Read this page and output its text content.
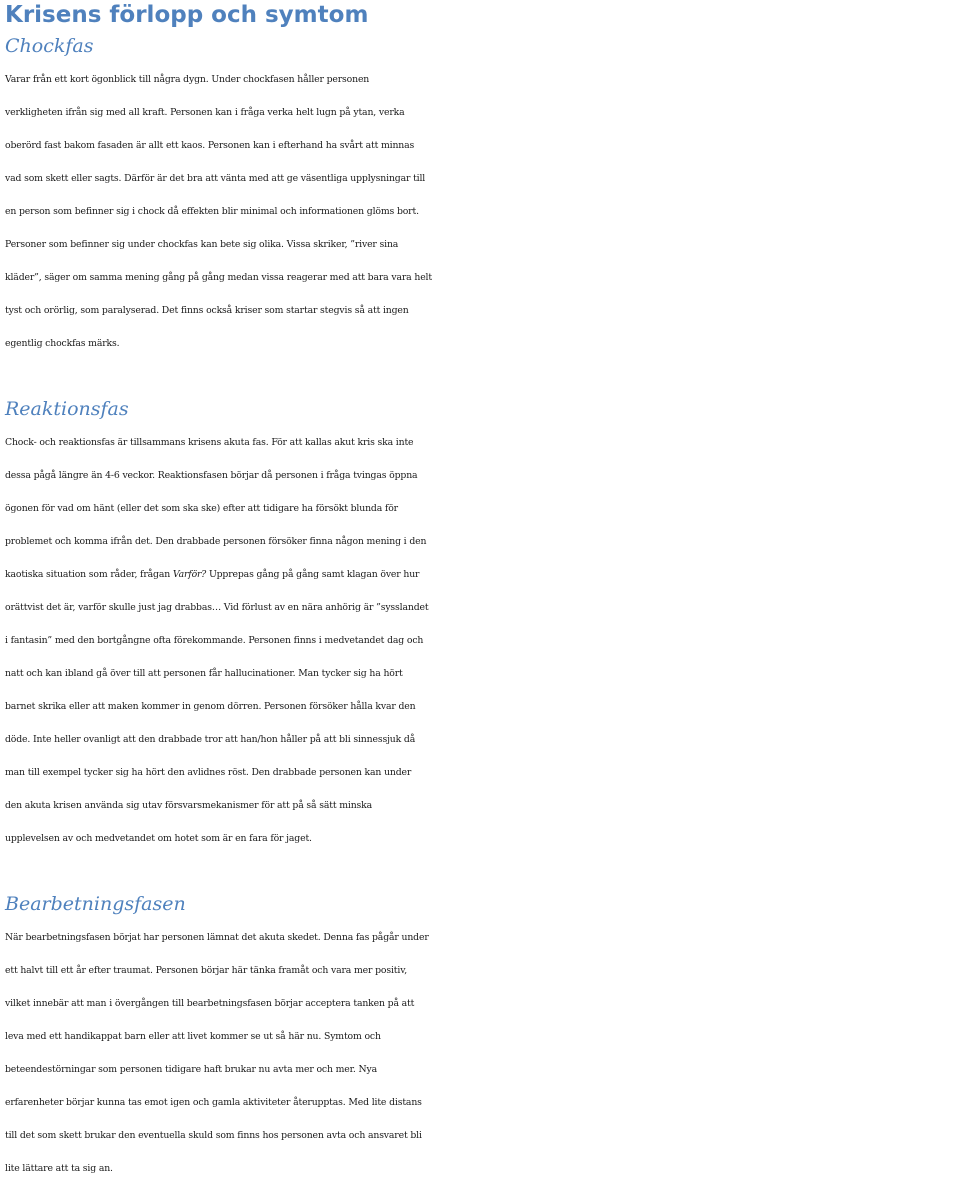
Krisens förlopp och symtom
Chockfas
Varar från ett kort ögonblick till några dygn. Under chockfasen håller personen
verkligheten ifrån sig med all kraft. Personen kan i fråga verka helt lugn på ytan, verka
oberörd fast bakom fasaden är allt ett kaos. Personen kan i efterhand ha svårt att minnas
vad som skett eller sagts. Därför är det bra att vänta med att ge väsentliga upplysningar till
en person som befinner sig i chock då effekten blir minimal och informationen glöms bort.
Personer som befinner sig under chockfas kan bete sig olika. Vissa skriker, ”river sina
kläder”, säger om samma mening gång på gång medan vissa reagerar med att bara vara helt
tyst och orörlig, som paralyserad. Det finns också kriser som startar stegvis så att ingen
egentlig chockfas märks.
Reaktionsfas
Chock- och reaktionsfas är tillsammans krisens akuta fas. För att kallas akut kris ska inte
dessa pågå längre än 4-6 veckor. Reaktionsfasen börjar då personen i fråga tvingas öppna
ögonen för vad om hänt (eller det som ska ske) efter att tidigare ha försökt blunda för
problemet och komma ifrån det. Den drabbade personen försöker finna någon mening i den
kaotiska situation som råder, frågan Varför? Upprepas gång på gång samt klagan över hur
orättvist det är, varför skulle just jag drabbas… Vid förlust av en nära anhörig är ”sysslandet
i fantasin” med den bortgångne ofta förekommande. Personen finns i medvetandet dag och
natt och kan ibland gå över till att personen får hallucinationer. Man tycker sig ha hört
barnet skrika eller att maken kommer in genom dörren. Personen försöker hålla kvar den
döde. Inte heller ovanligt att den drabbade tror att han/hon håller på att bli sinnessjuk då
man till exempel tycker sig ha hört den avlidnes röst. Den drabbade personen kan under
den akuta krisen använda sig utav försvarsmekanismer för att på så sätt minska
upplevelsen av och medvetandet om hotet som är en fara för jaget.
Bearbetningsfasen
När bearbetningsfasen börjat har personen lämnat det akuta skedet. Denna fas pågår under
ett halvt till ett år efter traumat. Personen börjar här tänka framåt och vara mer positiv,
vilket innebär att man i övergången till bearbetningsfasen börjar acceptera tanken på att
leva med ett handikappat barn eller att livet kommer se ut så här nu. Symtom och
beteendestörningar som personen tidigare haft brukar nu avta mer och mer. Nya
erfarenheter börjar kunna tas emot igen och gamla aktiviteter återupptas. Med lite distans
till det som skett brukar den eventuella skuld som finns hos personen avta och ansvaret bli
lite lättare att ta sig an.
